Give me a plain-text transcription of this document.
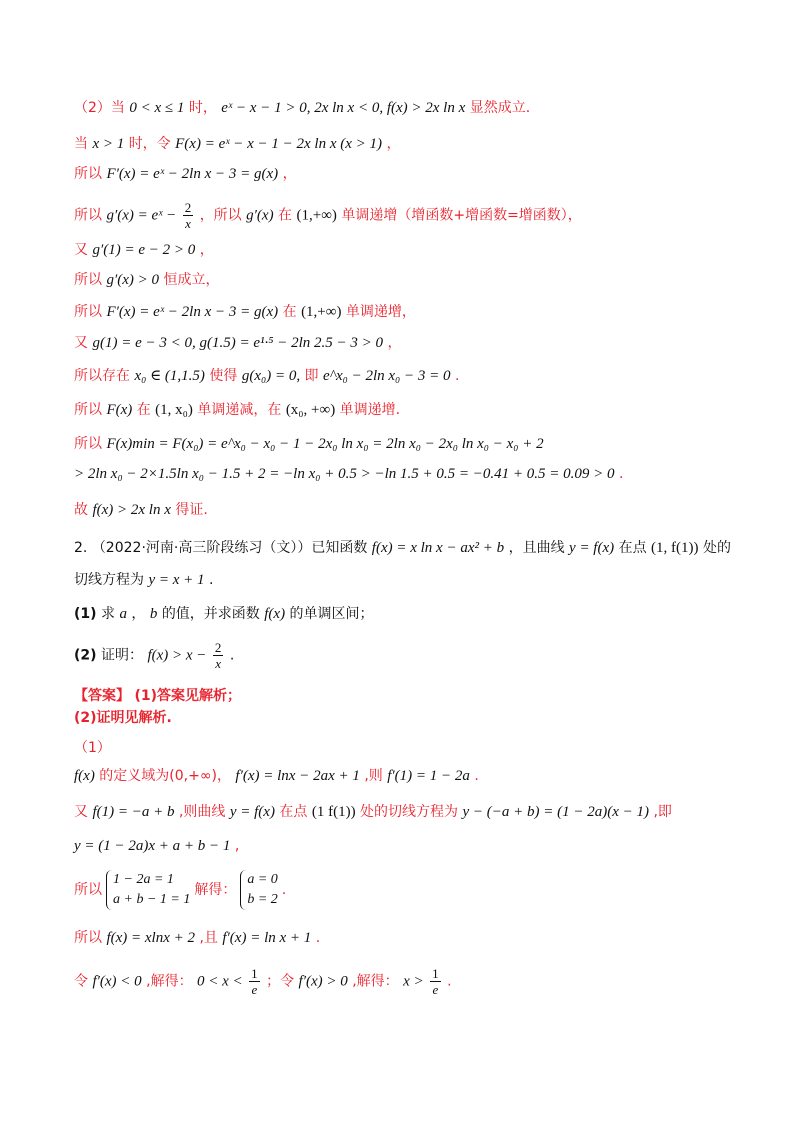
（2）当 0 < x ≤ 1 时， eˣ − x − 1 > 0, 2x ln x < 0, f(x) > 2x ln x 显然成立.
当 x > 1 时，令 F(x) = eˣ − x − 1 − 2x ln x (x > 1) ，
所以 F′(x) = eˣ − 2ln x − 3 = g(x) ，
所以 g′(x) = eˣ − $\frac{2}{x}$ ，所以 g′(x) 在 (1,+∞) 单调递增（增函数+增函数=增函数），
又 g′(1) = e − 2 > 0 ，
所以 g′(x) > 0 恒成立，
所以 F′(x) = eˣ − 2ln x − 3 = g(x) 在 (1,+∞) 单调递增，
又 g(1) = e − 3 < 0, g(1.5) = e¹·⁵ − 2ln 2.5 − 3 > 0 ，
所以存在 x₀ ∈ (1,1.5) 使得 g(x₀) = 0, 即 e^x₀ − 2ln x₀ − 3 = 0 .
所以 F(x) 在 (1, x₀) 单调递减，在 (x₀, +∞) 单调递增.
所以 F(x)min = F(x₀) = e^x₀ − x₀ − 1 − 2x₀ ln x₀ = 2ln x₀ − 2x₀ ln x₀ − x₀ + 2
> 2ln x₀ − 2×1.5ln x₀ − 1.5 + 2 = −ln x₀ + 0.5 > −ln 1.5 + 0.5 = −0.41 + 0.5 = 0.09 > 0 .
故 f(x) > 2x ln x 得证.
2. （2022·河南·高三阶段练习（文））已知函数 f(x) = x ln x − ax² + b ，且曲线 y = f(x) 在点 (1, f(1)) 处的
切线方程为 y = x + 1 .
(1) 求 a ， b 的值，并求函数 f(x) 的单调区间；
(2) 证明： $f(x) > x - \frac{2}{x}$ .
【答案】 (1)答案见解析；
(2)证明见解析.
（1）
f(x) 的定义域为(0,+∞)， f′(x) = lnx − 2ax + 1 ,则 f′(1) = 1 − 2a .
又 f(1) = −a + b ,则曲线 y = f(x) 在点 (1 f(1)) 处的切线方程为 y − (−a + b) = (1 − 2a)(x − 1) ,即
y = (1 − 2a)x + a + b − 1 ,
所以
1 − 2a = 1
a + b − 1 = 1
解得：
a = 0
b = 2
.
所以 f(x) = xlnx + 2 ,且 f′(x) = ln x + 1 .
令 f′(x) < 0 ,解得： $0 < x < \frac{1}{e}$ ；令 f′(x) > 0 ,解得： $x > \frac{1}{e}$ .
